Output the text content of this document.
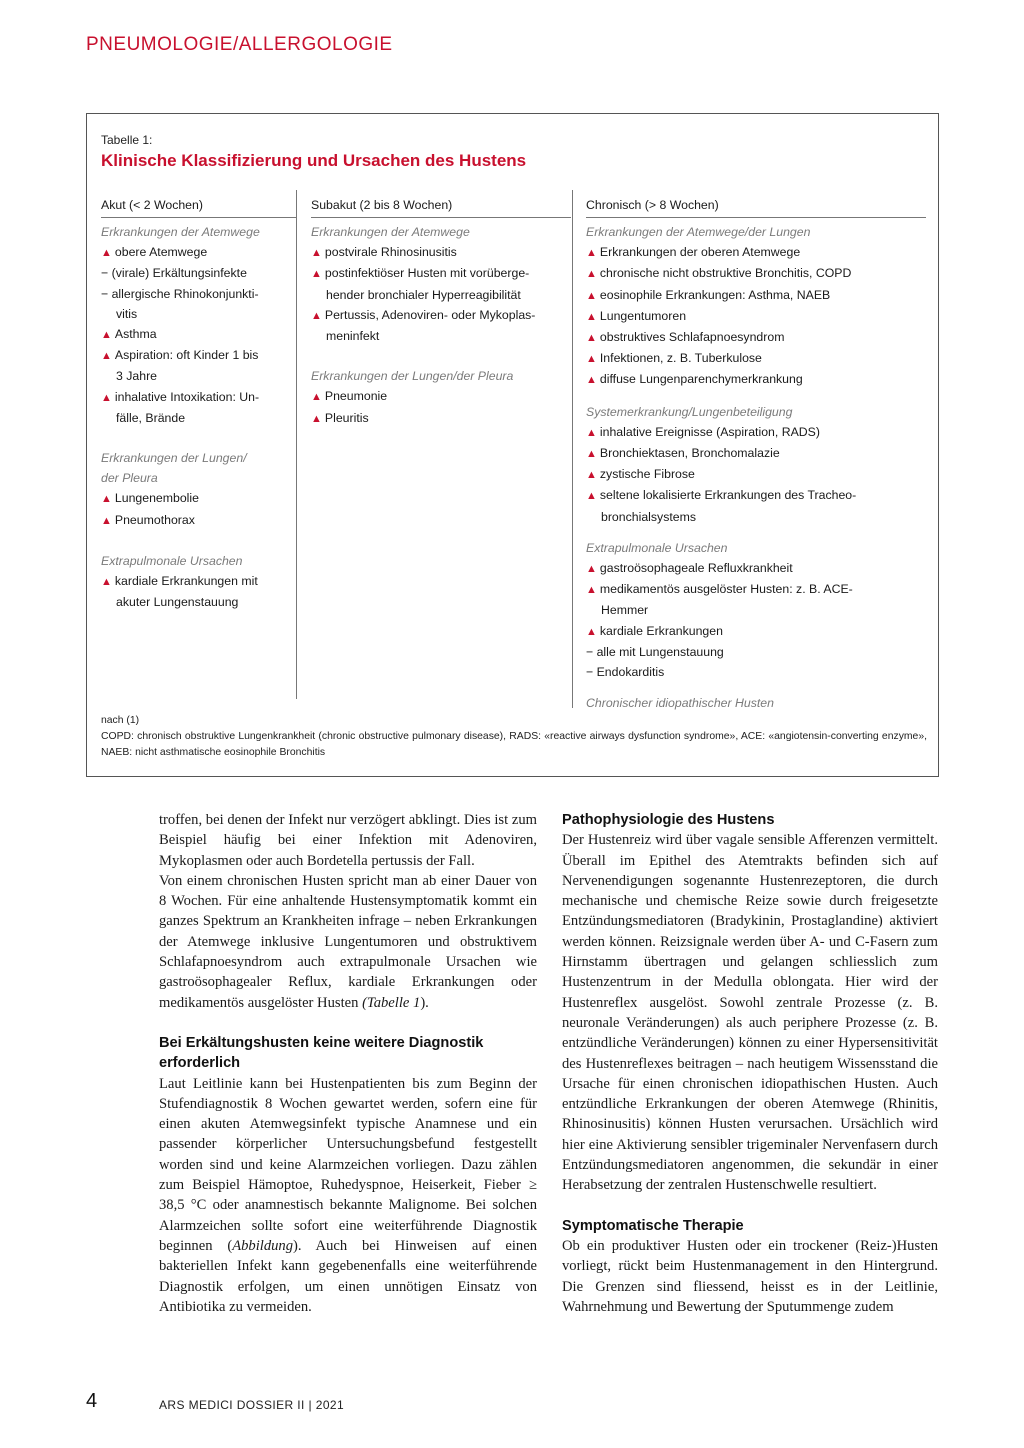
PNEUMOLOGIE/ALLERGOLOGIE
Tabelle 1:
Klinische Klassifizierung und Ursachen des Hustens
Akut (< 2 Wochen)
Erkrankungen der Atemwege
▲ obere Atemwege
− (virale) Erkältungsinfekte
− allergische Rhinokonjunkti-
vitis
▲ Asthma
▲ Aspiration: oft Kinder 1 bis
3 Jahre
▲ inhalative Intoxikation: Un-
fälle, Brände
Erkrankungen der Lungen/
der Pleura
▲ Lungenembolie
▲ Pneumothorax
Extrapulmonale Ursachen
▲ kardiale Erkrankungen mit
akuter Lungenstauung
Subakut (2 bis 8 Wochen)
Erkrankungen der Atemwege
▲ postvirale Rhinosinusitis
▲ postinfektiöser Husten mit vorüberge-
hender bronchialer Hyperreagibilität
▲ Pertussis, Adenoviren- oder Mykoplas-
meninfekt
Erkrankungen der Lungen/der Pleura
▲ Pneumonie
▲ Pleuritis
Chronisch (> 8 Wochen)
Erkrankungen der Atemwege/der Lungen
▲ Erkrankungen der oberen Atemwege
▲ chronische nicht obstruktive Bronchitis, COPD
▲ eosinophile Erkrankungen: Asthma, NAEB
▲ Lungentumoren
▲ obstruktives Schlafapnoesyndrom
▲ Infektionen, z. B. Tuberkulose
▲ diffuse Lungenparenchymerkrankung
Systemerkrankung/Lungenbeteiligung
▲ inhalative Ereignisse (Aspiration, RADS)
▲ Bronchiektasen, Bronchomalazie
▲ zystische Fibrose
▲ seltene lokalisierte Erkrankungen des Tracheo-
bronchialsystems
Extrapulmonale Ursachen
▲ gastroösophageale Refluxkrankheit
▲ medikamentös ausgelöster Husten: z. B. ACE-
Hemmer
▲ kardiale Erkrankungen
− alle mit Lungenstauung
− Endokarditis
Chronischer idiopathischer Husten

nach (1)

COPD: chronisch obstruktive Lungenkrankheit (chronic obstructive pulmonary disease), RADS: «reactive airways dysfunction syndrome», ACE: «angiotensin-converting enzyme», NAEB: nicht asthmatische eosinophile Bronchitis

troffen, bei denen der Infekt nur verzögert abklingt. Dies ist zum Beispiel häufig bei einer Infektion mit Adenoviren, Mykoplasmen oder auch Bordetella pertussis der Fall.

Von einem chronischen Husten spricht man ab einer Dauer von 8 Wochen. Für eine anhaltende Hustensymptomatik kommt ein ganzes Spektrum an Krankheiten infrage – neben Erkrankungen der Atemwege inklusive Lungentumoren und obstruktivem Schlafapnoesyndrom auch extrapulmonale Ursachen wie gastroösophagealer Reflux, kardiale Erkrankungen oder medikamentös ausgelöster Husten (Tabelle 1).

Bei Erkältungshusten keine weitere Diagnostik erforderlich

Laut Leitlinie kann bei Hustenpatienten bis zum Beginn der Stufendiagnostik 8 Wochen gewartet werden, sofern eine für einen akuten Atemwegsinfekt typische Anamnese und ein passender körperlicher Untersuchungsbefund festgestellt worden sind und keine Alarmzeichen vorliegen. Dazu zählen zum Beispiel Hämoptoe, Ruhedyspnoe, Heiserkeit, Fieber ≥ 38,5 °C oder anamnestisch bekannte Malignome. Bei solchen Alarmzeichen sollte sofort eine weiterführende Diagnostik beginnen (Abbildung). Auch bei Hinweisen auf einen bakteriellen Infekt kann gegebenenfalls eine weiterführende Diagnostik erfolgen, um einen unnötigen Einsatz von Antibiotika zu vermeiden.

Pathophysiologie des Hustens

Der Hustenreiz wird über vagale sensible Afferenzen vermittelt. Überall im Epithel des Atemtrakts befinden sich auf Nervenendigungen sogenannte Hustenrezeptoren, die durch mechanische und chemische Reize sowie durch freigesetzte Entzündungsmediatoren (Bradykinin, Prostaglandine) aktiviert werden können. Reizsignale werden über A- und C-Fasern zum Hirnstamm übertragen und gelangen schliesslich zum Hustenzentrum in der Medulla oblongata. Hier wird der Hustenreflex ausgelöst. Sowohl zentrale Prozesse (z. B. neuronale Veränderungen) als auch periphere Prozesse (z. B. entzündliche Veränderungen) können zu einer Hypersensitivität des Hustenreflexes beitragen – nach heutigem Wissensstand die Ursache für einen chronischen idiopathischen Husten. Auch entzündliche Erkrankungen der oberen Atemwege (Rhinitis, Rhinosinusitis) können Husten verursachen. Ursächlich wird hier eine Aktivierung sensibler trigeminaler Nervenfasern durch Entzündungsmediatoren angenommen, die sekundär in einer Herabsetzung der zentralen Hustenschwelle resultiert.

Symptomatische Therapie

Ob ein produktiver Husten oder ein trockener (Reiz-)Husten vorliegt, rückt beim Hustenmanagement in den Hintergrund. Die Grenzen sind fliessend, heisst es in der Leitlinie, Wahrnehmung und Bewertung der Sputummenge zudem

4	ARS MEDICI DOSSIER II | 2021
